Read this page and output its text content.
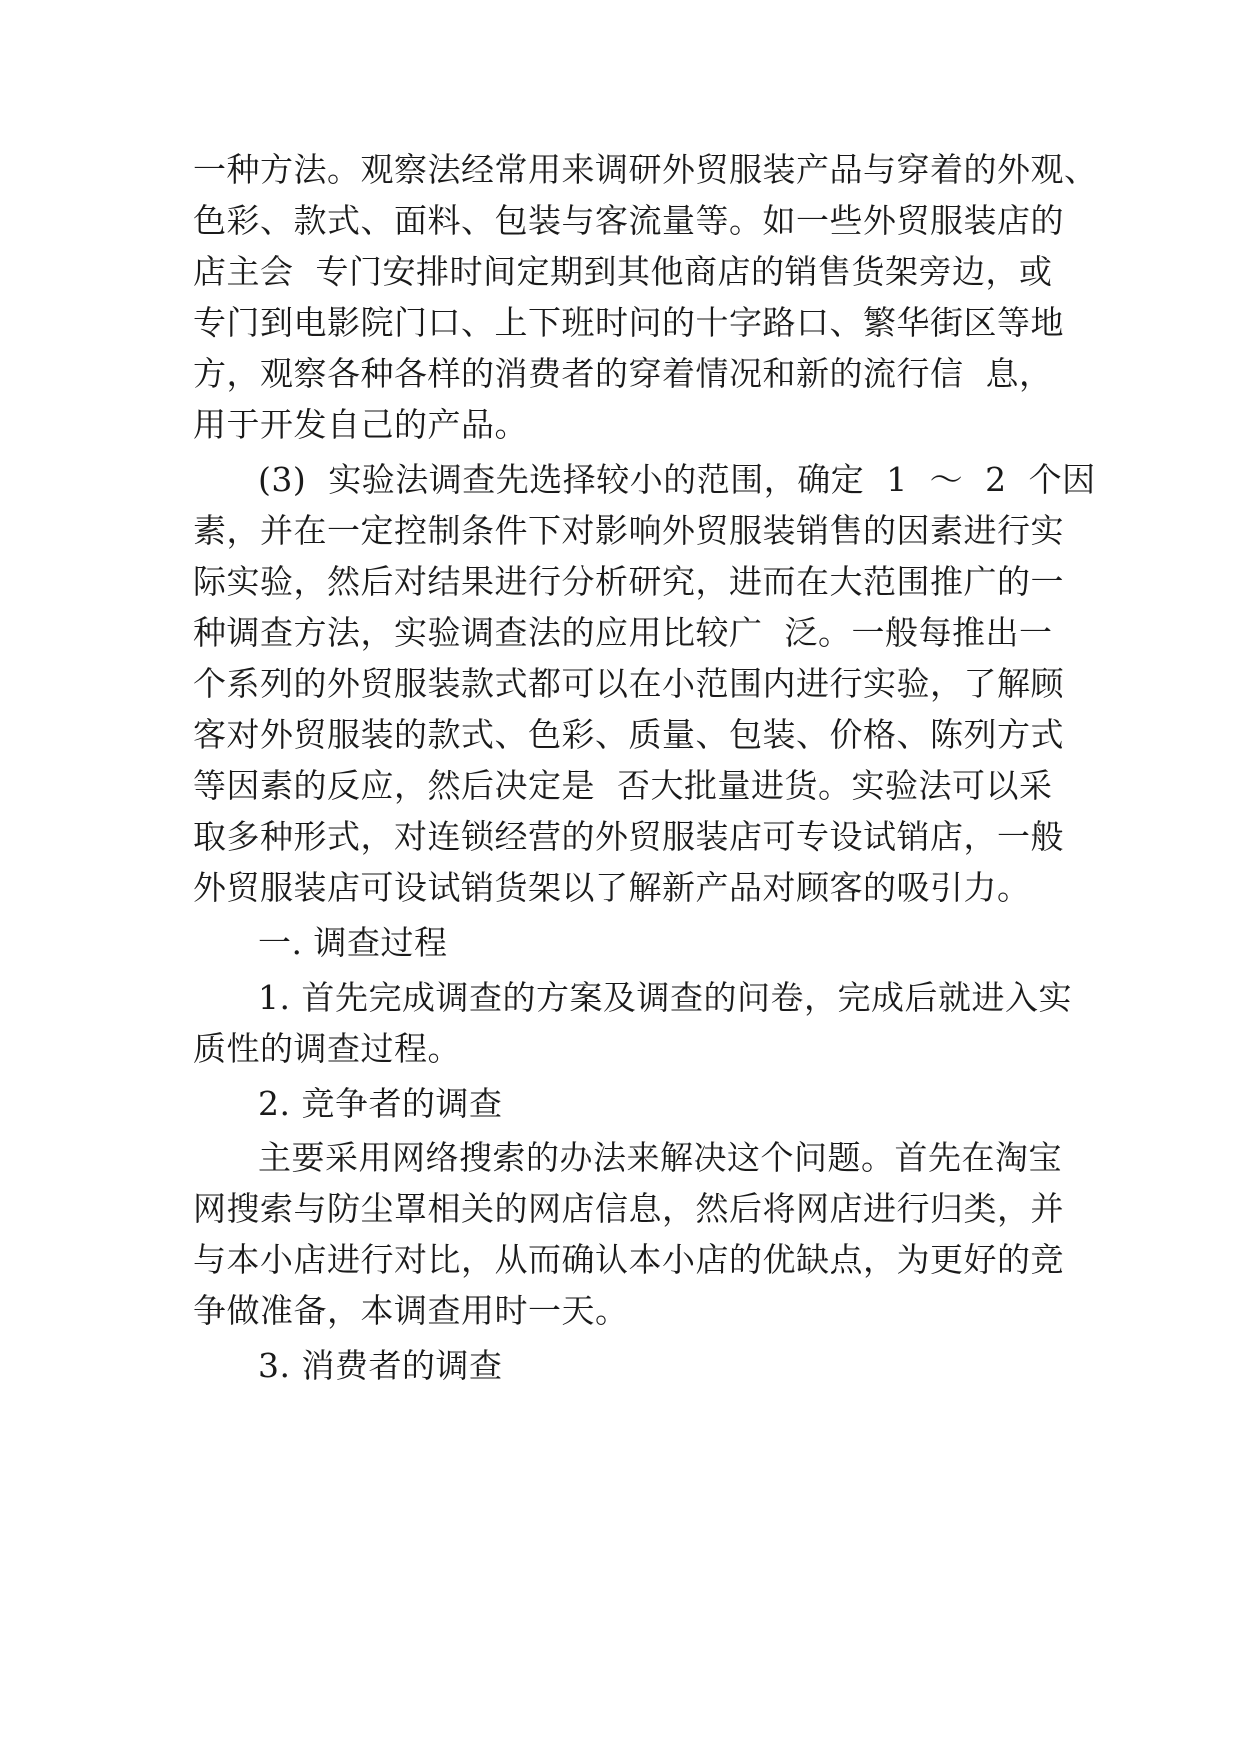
一种方法。观察法经常用来调研外贸服装产品与穿着的外观、
色彩、款式、面料、包装与客流量等。如一些外贸服装店的
店主会  专门安排时间定期到其他商店的销售货架旁边，或
专门到电影院门口、上下班时问的十字路口、繁华街区等地
方，观察各种各样的消费者的穿着情况和新的流行信  息，
用于开发自己的产品。
(3)  实验法调查先选择较小的范围，确定  1  ～  2  个因
素，并在一定控制条件下对影响外贸服装销售的因素进行实
际实验，然后对结果进行分析研究，进而在大范围推广的一
种调查方法，实验调查法的应用比较广  泛。一般每推出一
个系列的外贸服装款式都可以在小范围内进行实验，了解顾
客对外贸服装的款式、色彩、质量、包装、价格、陈列方式
等因素的反应，然后决定是  否大批量进货。实验法可以采
取多种形式，对连锁经营的外贸服装店可专设试销店，一般
外贸服装店可设试销货架以了解新产品对顾客的吸引力。
一. 调查过程
1. 首先完成调查的方案及调查的问卷，完成后就进入实
质性的调查过程。
2. 竞争者的调查
主要采用网络搜索的办法来解决这个问题。首先在淘宝
网搜索与防尘罩相关的网店信息，然后将网店进行归类，并
与本小店进行对比，从而确认本小店的优缺点，为更好的竞
争做准备，本调查用时一天。
3. 消费者的调查
